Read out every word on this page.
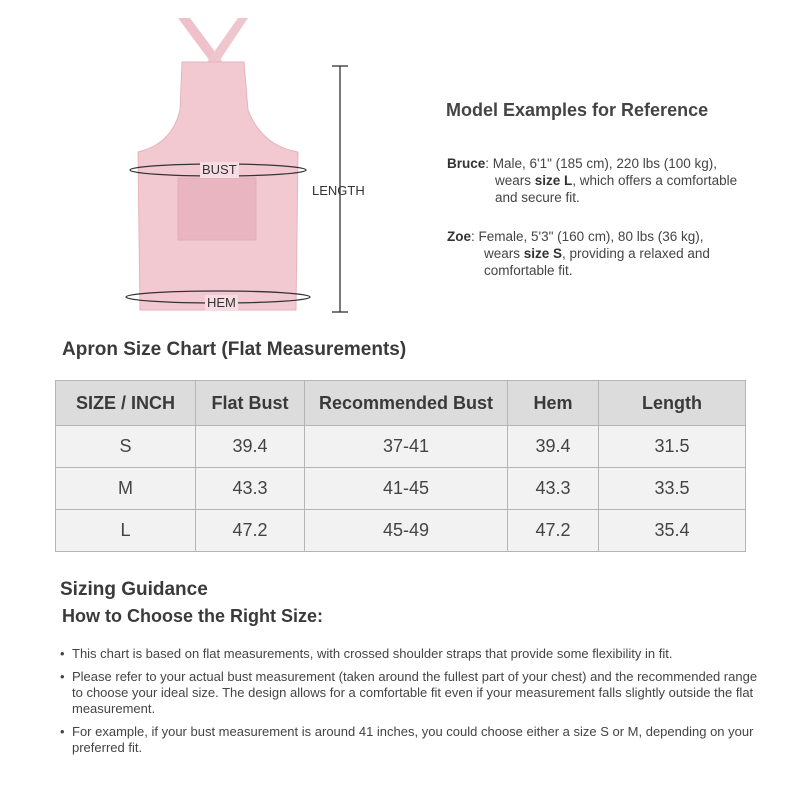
BUST
HEM
LENGTH
Model Examples for Reference
Bruce: Male, 6'1" (185 cm), 220 lbs (100 kg),
wears size L, which offers a comfortable
and secure fit.
Zoe: Female, 5'3" (160 cm), 80 lbs (36 kg),
wears size S, providing a relaxed and
comfortable fit.
Apron Size Chart (Flat Measurements)
SIZE / INCH	Flat Bust	Recommended Bust	Hem	Length
S	39.4	37-41	39.4	31.5
M	43.3	41-45	43.3	33.5
L	47.2	45-49	47.2	35.4
Sizing Guidance
How to Choose the Right Size:
• This chart is based on flat measurements, with crossed shoulder straps that provide some flexibility in fit.
• Please refer to your actual bust measurement (taken around the fullest part of your chest) and the recommended range to choose your ideal size. The design allows for a comfortable fit even if your measurement falls slightly outside the flat measurement.
• For example, if your bust measurement is around 41 inches, you could choose either a size S or M, depending on your preferred fit.
